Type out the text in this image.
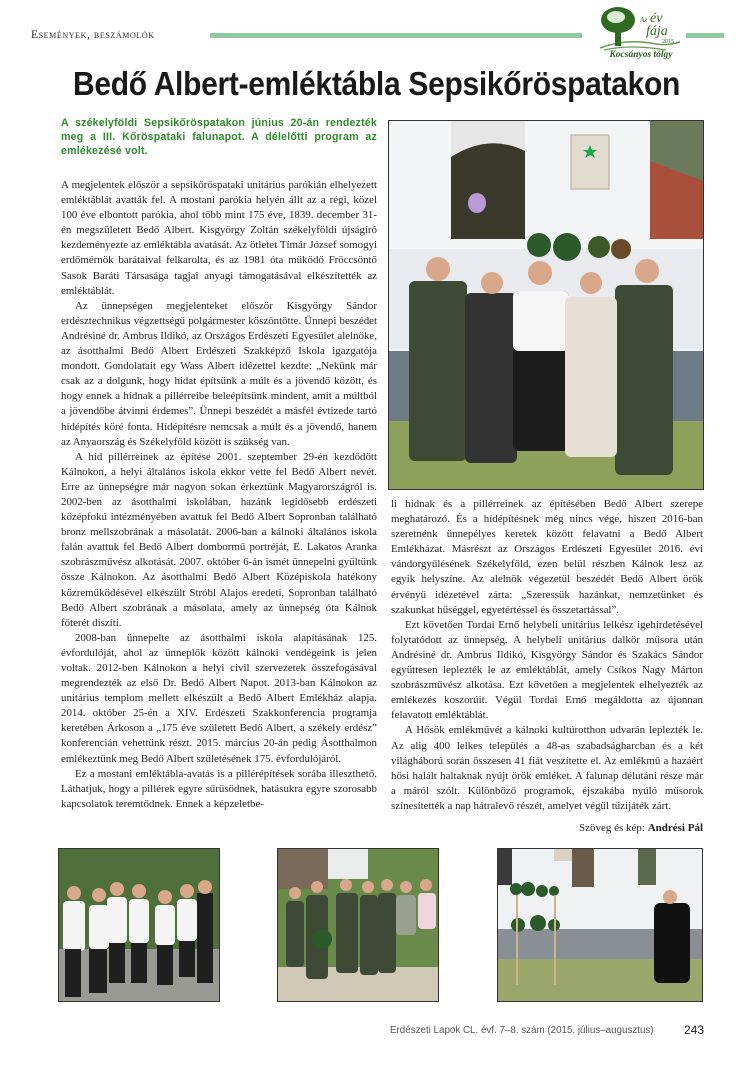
Események, beszámolók
Az év
fája
2015
Kocsányos tölgy
Bedő Albert-emléktábla Sepsikőröspatakon
A székelyföldi Sepsikőröspatakon június 20-án rendezték meg a III. Kőröspataki falunapot. A délelőtti program az emlékezésé volt.

A megjelentek először a sepsikőröspataki unitárius parókián elhelyezett emléktáblát avatták fel. A mostani parókia helyén állt az a régi, közel 100 éve elbontott parókia, ahol több mint 175 éve, 1839. december 31-én megszületett Bedő Albert. Kisgyörgy Zoltán székelyföldi újságíró kezdeményezte az emléktábla avatását. Az ötletet Tímár József somogyi erdőmérnök barátaival felkarolta, és az 1981 óta működő Fröccsöntő Sasok Baráti Társasága tagjai anyagi támogatásával elkészítették az emléktáblát.

Az ünnepségen megjelenteket először Kisgyörgy Sándor erdésztechnikus végzettségű polgármester köszöntötte. Ünnepi beszédet Andrésiné dr. Ambrus Ildikó, az Országos Erdészeti Egyesület alelnöke, az ásotthalmi Bedő Albert Erdészeti Szakképző Iskola igazgatója mondott. Gondolatait egy Wass Albert idézettel kezdte: „Nekünk már csak az a dolgunk, hogy hidat építsünk a múlt és a jövendő között, és hogy ennek a hídnak a pillérreibe beleépítsünk mindent, amit a múltból a jövendőbe átvinni érdemes”. Ünnepi beszédét a másfél évtizede tartó hídépítés köré fonta. Hídépítésre nemcsak a múlt és a jövendő, hanem az Anyaország és Székelyföld között is szükség van.

A híd pillérreinek az építése 2001. szeptember 29-én kezdődött Kálnokon, a helyi általános iskola ekkor vette fel Bedő Albert nevét. Erre az ünnepségre már nagyon sokan érkeztünk Magyarországról is. 2002-ben az ásotthalmi iskolában, hazánk legidősebb erdészeti középfokú intézményében avattuk fel Bedő Albert Sopronban található bronz mellszobrának a másolatát. 2006-ban a kálnoki általános iskola falán avattuk fel Bedő Albert dombormű portréját, E. Lakatos Aranka szobrászművész alkotását. 2007. október 6-án ismét ünnepelni gyűltünk össze Kálnokon. Az ásotthalmi Bedő Albert Középiskola hatékony közreműködésével elkészült Stróbl Alajos eredeti, Sopronban található Bedő Albert szobrának a másolata, amely az ünnepség óta Kálnok főterét díszíti.

2008-ban ünnepelte az ásotthalmi iskola alapításának 125. évfordulóját, ahol az ünneplők között kálnoki vendégeink is jelen voltak. 2012-ben Kálnokon a helyi civil szervezetek összefogásával megrendezték az első Dr. Bedő Albert Napot. 2013-ban Kálnokon az unitárius templom mellett elkészült a Bedő Albert Emlékház alapja. 2014. október 25-én a XIV. Erdészeti Szakkonferencia programja keretében Árkoson a „175 éve született Bedő Albert, a székely erdész” konferencián vehettünk részt. 2015. március 20-án pedig Ásotthalmon emlékeztünk meg Bedő Albert születésének 175. évfordulójáról.

Ez a mostani emléktábla-avatás is a pillérépítések sorába illeszthető. Láthatjuk, hogy a pillérek egyre sűrűsödnek, hatásukra egyre szorosabb kapcsolatok teremtődnek. Ennek a képzeletbe-

li hídnak és a pillérreinek az építésében Bedő Albert szerepe meghatározó. És a hídépítésnek még nincs vége, hiszen 2016-ban szeretnénk ünnepélyes keretek között felavatni a Bedő Albert Emlékházat. Másrészt az Országos Erdészeti Egyesület 2016. évi vándorgyűlésének Székelyföld, ezen belül részben Kálnok lesz az egyik helyszíne. Az alelnök végezetül beszédét Bedő Albert örök érvényű idézetével zárta: „Szeressük hazánkat, nemzetünket és szakunkat hűséggel, egyetértéssel és összetartással”.

Ezt követően Tordai Ernő helybeli unitárius lelkész igehirdetésével folytatódott az ünnepség. A helybeli unitárius dalkör műsora után Andrésiné dr. Ambrus Ildikó, Kisgyörgy Sándor és Szakács Sándor együttesen leplezték le az emléktáblát, amely Csíkos Nagy Márton szobrászművész alkotása. Ezt követően a megjelentek elhelyezték az emlékezés koszorúit. Végül Tordai Ernő megáldotta az újonnan felavatott emléktáblát.

A Hősök emlékművét a kálnoki kultúrotthon udvarán leplezték le. Az alig 400 lelkes település a 48-as szabadságharcban és a két világháború során összesen 41 fiát veszítette el. Az emlékmű a hazáért hősi halált haltaknak nyújt örök emléket. A falunap délutáni része már a máról szólt. Különböző programok, éjszakába nyúló műsorok színesítették a nap hátralevő részét, amelyet végül tűzijáték zárt.

Szöveg és kép: Andrési Pál
Erdészeti Lapok CL. évf. 7–8. szám (2015. július–augusztus)	243
